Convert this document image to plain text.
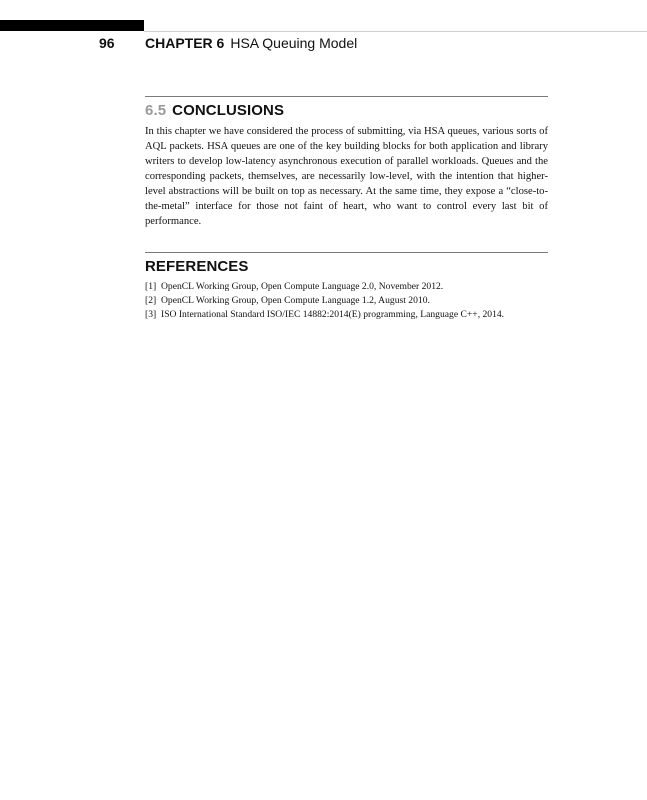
96 CHAPTER 6 HSA Queuing Model
6.5 CONCLUSIONS

In this chapter we have considered the process of submitting, via HSA queues, various sorts of AQL packets. HSA queues are one of the key building blocks for both application and library writers to develop low-latency asynchronous execution of parallel workloads. Queues and the corresponding packets, themselves, are necessarily low-level, with the intention that higher-level abstractions will be built on top as necessary. At the same time, they expose a “close-to-the-metal” interface for those not faint of heart, who want to control every last bit of performance.

REFERENCES
[1] OpenCL Working Group, Open Compute Language 2.0, November 2012.
[2] OpenCL Working Group, Open Compute Language 1.2, August 2010.
[3] ISO International Standard ISO/IEC 14882:2014(E) programming, Language C++, 2014.
